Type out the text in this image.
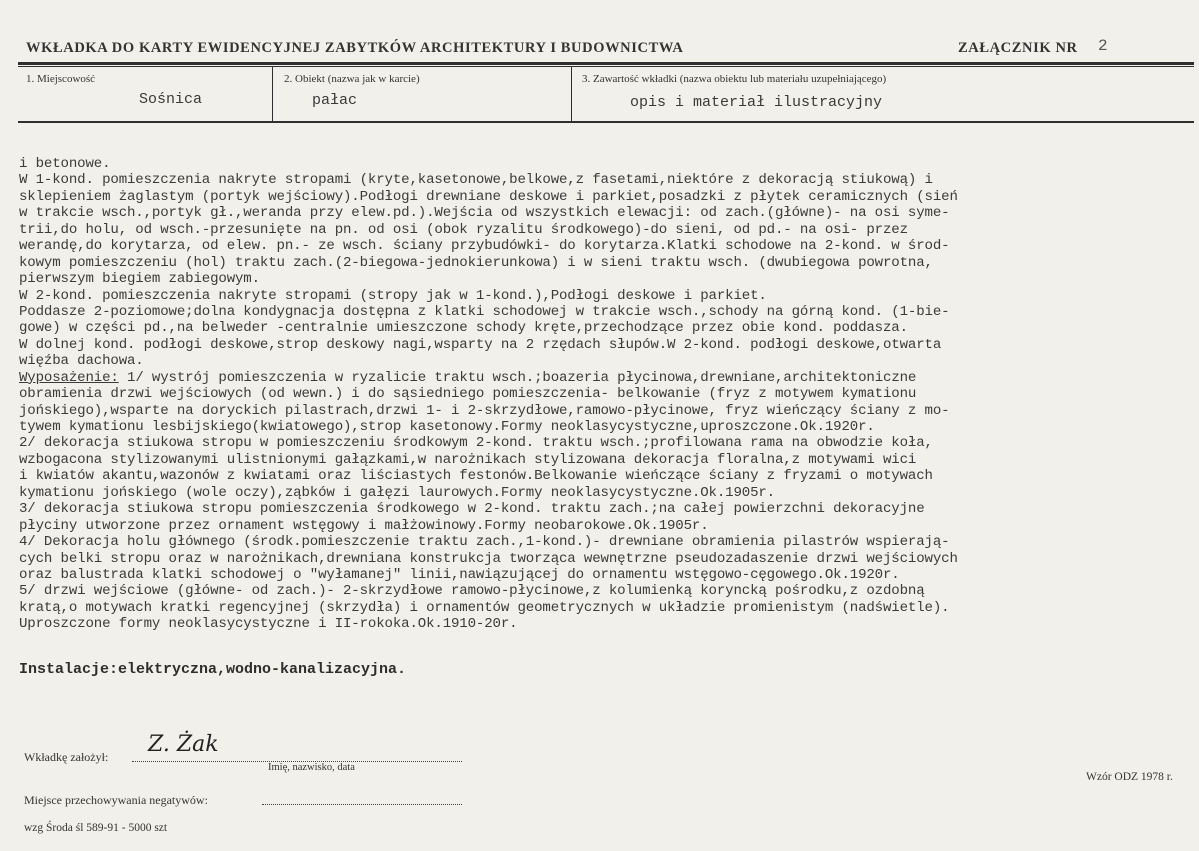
WKŁADKA DO KARTY EWIDENCYJNEJ ZABYTKÓW ARCHITEKTURY I BUDOWNICTWA	ZAŁĄCZNIK NR 2
1. Miejscowość
Sośnica
2. Obiekt (nazwa jak w karcie)
pałac
3. Zawartość wkładki (nazwa obiektu lub materiału uzupełniającego)
opis i materiał ilustracyjny
i betonowe.
W 1-kond. pomieszczenia nakryte stropami (kryte,kasetonowe,belkowe,z fasetami,niektóre z dekoracją stiukową) i
sklepieniem żaglastym (portyk wejściowy).Podłogi drewniane deskowe i parkiet,posadzki z płytek ceramicznych (sień
w trakcie wsch.,portyk gł.,weranda przy elew.pd.).Wejścia od wszystkich elewacji: od zach.(główne)- na osi syme-
trii,do holu, od wsch.-przesunięte na pn. od osi (obok ryzalitu środkowego)-do sieni, od pd.- na osi- przez
werandę,do korytarza, od elew. pn.- ze wsch. ściany przybudówki- do korytarza.Klatki schodowe na 2-kond. w środ-
kowym pomieszczeniu (hol) traktu zach.(2-biegowa-jednokierunkowa) i w sieni traktu wsch. (dwubiegowa powrotna,
pierwszym biegiem zabiegowym.
W 2-kond. pomieszczenia nakryte stropami (stropy jak w 1-kond.),Podłogi deskowe i parkiet.
Poddasze 2-poziomowe;dolna kondygnacja dostępna z klatki schodowej w trakcie wsch.,schody na górną kond. (1-bie-
gowe) w części pd.,na belweder -centralnie umieszczone schody kręte,przechodzące przez obie kond. poddasza.
W dolnej kond. podłogi deskowe,strop deskowy nagi,wsparty na 2 rzędach słupów.W 2-kond. podłogi deskowe,otwarta
więźba dachowa.
Wyposażenie: 1/ wystrój pomieszczenia w ryzalicie traktu wsch.;boazeria płycinowa,drewniane,architektoniczne
obramienia drzwi wejściowych (od wewn.) i do sąsiedniego pomieszczenia- belkowanie (fryz z motywem kymationu
jońskiego),wsparte na doryckich pilastrach,drzwi 1- i 2-skrzydłowe,ramowo-płycinowe, fryz wieńczący ściany z mo-
tywem kymationu lesbijskiego(kwiatowego),strop kasetonowy.Formy neoklasycystyczne,uproszczone.Ok.1920r.
2/ dekoracja stiukowa stropu w pomieszczeniu środkowym 2-kond. traktu wsch.;profilowana rama na obwodzie koła,
wzbogacona stylizowanymi ulistnionymi gałązkami,w narożnikach stylizowana dekoracja floralna,z motywami wici
i kwiatów akantu,wazonów z kwiatami oraz liściastych festonów.Belkowanie wieńczące ściany z fryzami o motywach
kymationu jońskiego (wole oczy),ząbków i gałęzi laurowych.Formy neoklasycystyczne.Ok.1905r.
3/ dekoracja stiukowa stropu pomieszczenia środkowego w 2-kond. traktu zach.;na całej powierzchni dekoracyjne
płyciny utworzone przez ornament wstęgowy i małżowinowy.Formy neobarokowe.Ok.1905r.
4/ Dekoracja holu głównego (środk.pomieszczenie traktu zach.,1-kond.)- drewniane obramienia pilastrów wspierają-
cych belki stropu oraz w narożnikach,drewniana konstrukcja tworząca wewnętrzne pseudozadaszenie drzwi wejściowych
oraz balustrada klatki schodowej o "wyłamanej" linii,nawiązującej do ornamentu wstęgowo-cęgowego.Ok.1920r.
5/ drzwi wejściowe (główne- od zach.)- 2-skrzydłowe ramowo-płycinowe,z kolumienką koryncką pośrodku,z ozdobną
kratą,o motywach kratki regencyjnej (skrzydła) i ornamentów geometrycznych w układzie promienistym (nadświetle).
Uproszczone formy neoklasycystyczne i II-rokoka.Ok.1910-20r.
Instalacje:elektryczna,wodno-kanalizacyjna.
Wkładkę założył: Z. Żak
Imię, nazwisko, data
Wzór ODZ 1978 r.
Miejsce przechowywania negatywów:
wzg Środa śl 589-91 - 5000 szt
